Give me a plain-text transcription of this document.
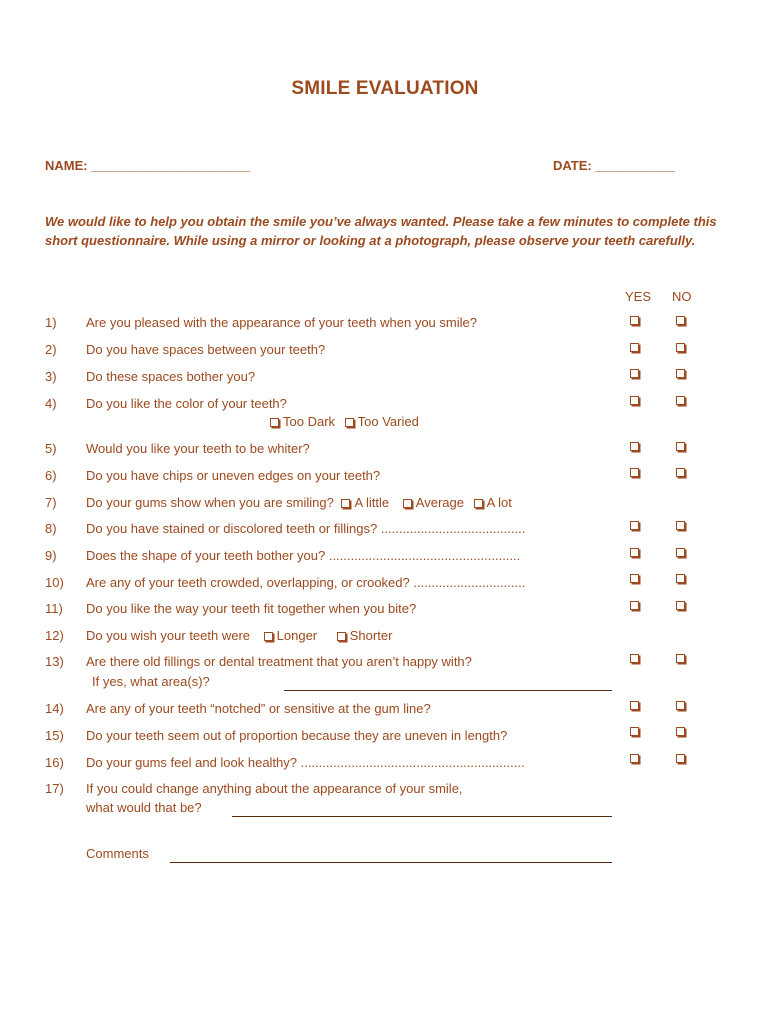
SMILE EVALUATION
NAME: ______________________	DATE: ___________
We would like to help you obtain the smile you’ve always wanted. Please take a few minutes to complete this short questionnaire. While using a mirror or looking at a photograph, please observe your teeth carefully.
YES NO
1) Are you pleased with the appearance of your teeth when you smile?
2) Do you have spaces between your teeth?
3) Do these spaces bother you?
4) Do you like the color of your teeth?
Too Dark Too Varied
5) Would you like your teeth to be whiter?
6) Do you have chips or uneven edges on your teeth?
7) Do your gums show when you are smiling? A little Average A lot
8) Do you have stained or discolored teeth or fillings? ........................................
9) Does the shape of your teeth bother you? .....................................................
10) Are any of your teeth crowded, overlapping, or crooked? ...............................
11) Do you like the way your teeth fit together when you bite?
12) Do you wish your teeth were Longer	Shorter
13) Are there old fillings or dental treatment that you aren’t happy with?
If yes, what area(s)?
14) Are any of your teeth “notched” or sensitive at the gum line?
15) Do your teeth seem out of proportion because they are uneven in length?
16) Do your gums feel and look healthy? ..............................................................
17) If you could change anything about the appearance of your smile,
what would that be?
Comments
